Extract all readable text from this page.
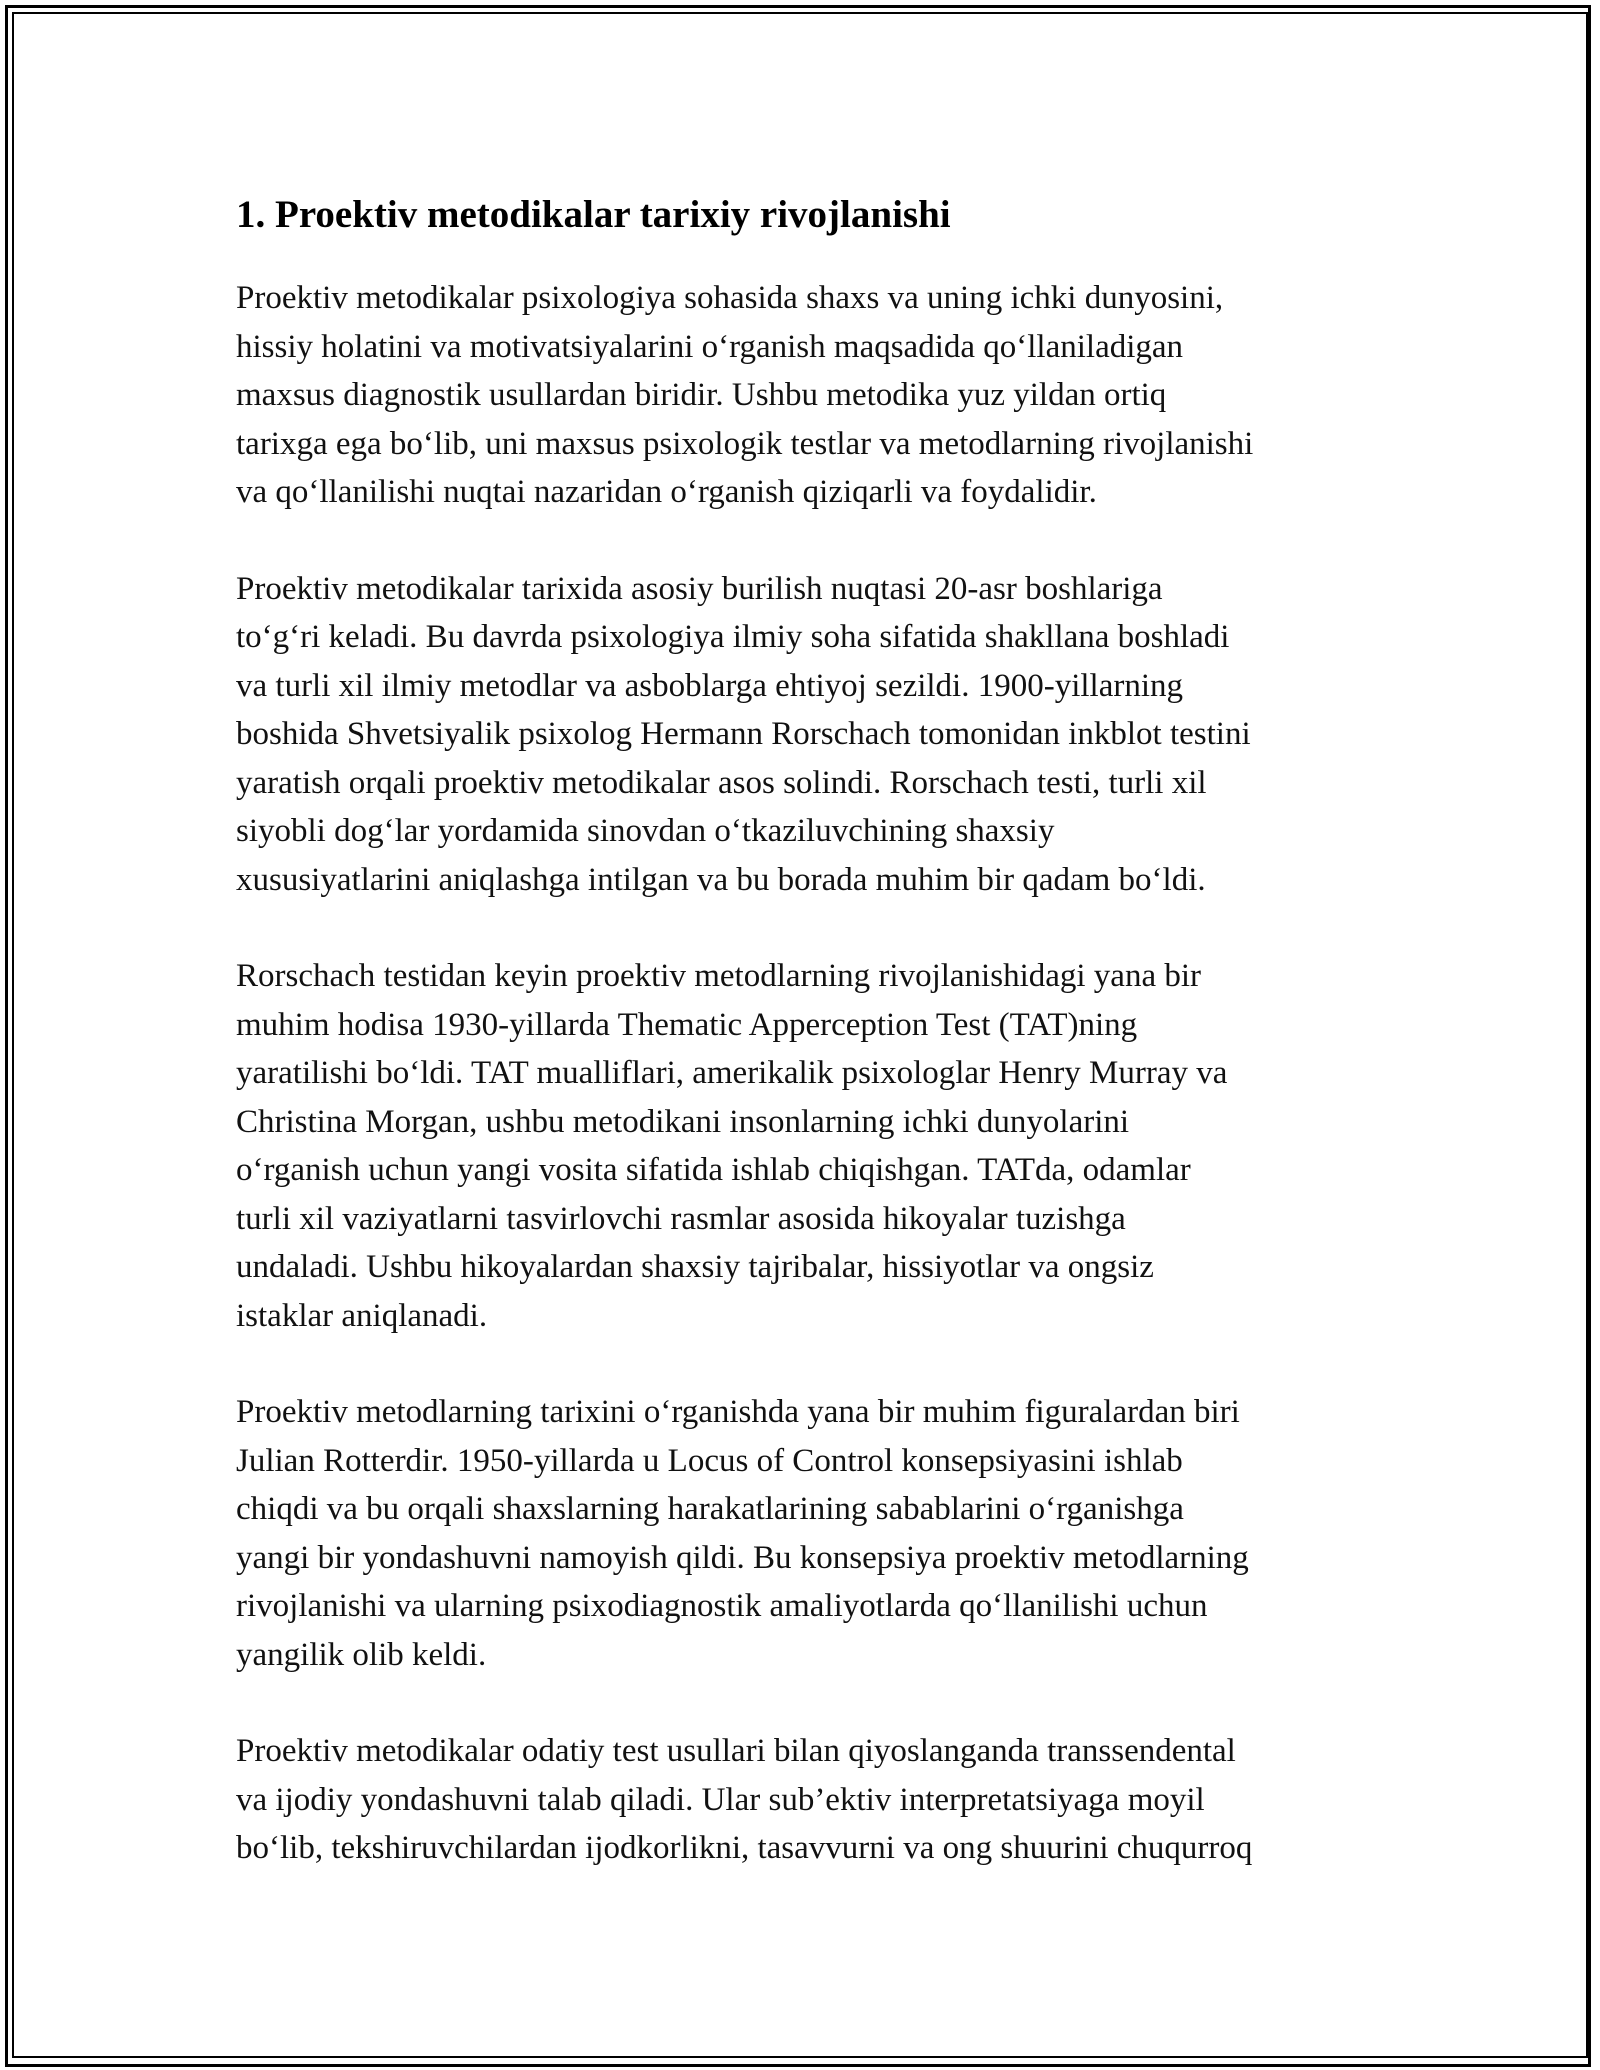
1. Proektiv metodikalar tarixiy rivojlanishi
Proektiv metodikalar psixologiya sohasida shaxs va uning ichki dunyosini,
hissiy holatini va motivatsiyalarini o‘rganish maqsadida qo‘llaniladigan
maxsus diagnostik usullardan biridir. Ushbu metodika yuz yildan ortiq
tarixga ega bo‘lib, uni maxsus psixologik testlar va metodlarning rivojlanishi
va qo‘llanilishi nuqtai nazaridan o‘rganish qiziqarli va foydalidir.
Proektiv metodikalar tarixida asosiy burilish nuqtasi 20-asr boshlariga
to‘g‘ri keladi. Bu davrda psixologiya ilmiy soha sifatida shakllana boshladi
va turli xil ilmiy metodlar va asboblarga ehtiyoj sezildi. 1900-yillarning
boshida Shvetsiyalik psixolog Hermann Rorschach tomonidan inkblot testini
yaratish orqali proektiv metodikalar asos solindi. Rorschach testi, turli xil
siyobli dog‘lar yordamida sinovdan o‘tkaziluvchining shaxsiy
xususiyatlarini aniqlashga intilgan va bu borada muhim bir qadam bo‘ldi.
Rorschach testidan keyin proektiv metodlarning rivojlanishidagi yana bir
muhim hodisa 1930-yillarda Thematic Apperception Test (TAT)ning
yaratilishi bo‘ldi. TAT mualliflari, amerikalik psixologlar Henry Murray va
Christina Morgan, ushbu metodikani insonlarning ichki dunyolarini
o‘rganish uchun yangi vosita sifatida ishlab chiqishgan. TATda, odamlar
turli xil vaziyatlarni tasvirlovchi rasmlar asosida hikoyalar tuzishga
undaladi. Ushbu hikoyalardan shaxsiy tajribalar, hissiyotlar va ongsiz
istaklar aniqlanadi.
Proektiv metodlarning tarixini o‘rganishda yana bir muhim figuralardan biri
Julian Rotterdir. 1950-yillarda u Locus of Control konsepsiyasini ishlab
chiqdi va bu orqali shaxslarning harakatlarining sabablarini o‘rganishga
yangi bir yondashuvni namoyish qildi. Bu konsepsiya proektiv metodlarning
rivojlanishi va ularning psixodiagnostik amaliyotlarda qo‘llanilishi uchun
yangilik olib keldi.
Proektiv metodikalar odatiy test usullari bilan qiyoslanganda transsendental
va ijodiy yondashuvni talab qiladi. Ular sub’ektiv interpretatsiyaga moyil
bo‘lib, tekshiruvchilardan ijodkorlikni, tasavvurni va ong shuurini chuqurroq
